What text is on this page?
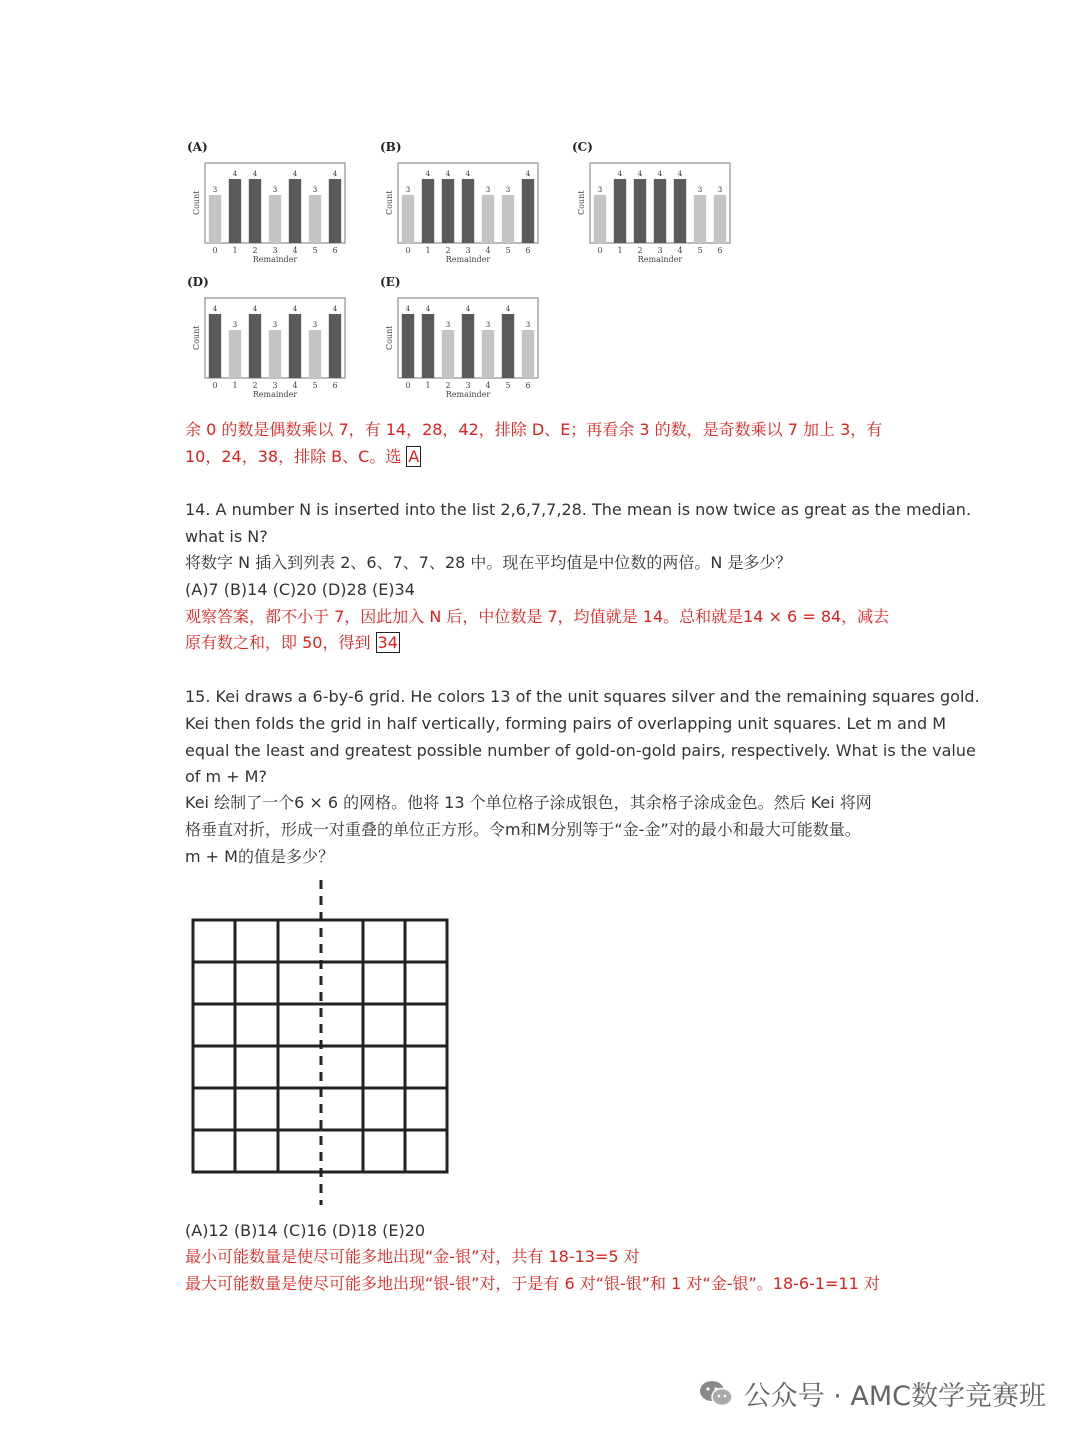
(A)
Count
3
0
4
1
4
2
3
3
4
4
3
5
4
6
Remainder
(B)
Count
3
0
4
1
4
2
4
3
3
4
3
5
4
6
Remainder
(C)
Count
3
0
4
1
4
2
4
3
4
4
3
5
3
6
Remainder
(D)
Count
4
0
3
1
4
2
3
3
4
4
3
5
4
6
Remainder
(E)
Count
4
0
4
1
3
2
4
3
3
4
4
5
3
6
Remainder
余 0 的数是偶数乘以 7，有 14，28，42，排除 D、E；再看余 3 的数，是奇数乘以 7 加上 3，有
10，24，38，排除 B、C。选 A
14. A number N is inserted into the list 2,6,7,7,28. The mean is now twice as great as the median.
what is N?
将数字 N 插入到列表 2、6、7、7、28 中。现在平均值是中位数的两倍。N 是多少？
(A)7 (B)14 (C)20 (D)28 (E)34
观察答案，都不小于 7，因此加入 N 后，中位数是 7，均值就是 14。总和就是14 × 6 = 84，减去
原有数之和，即 50，得到 34
15. Kei draws a 6-by-6 grid. He colors 13 of the unit squares silver and the remaining squares gold.
Kei then folds the grid in half vertically, forming pairs of overlapping unit squares. Let m and M
equal the least and greatest possible number of gold-on-gold pairs, respectively. What is the value
of m + M?
Kei 绘制了一个6 × 6 的网格。他将 13 个单位格子涂成银色，其余格子涂成金色。然后 Kei 将网
格垂直对折，形成一对重叠的单位正方形。令m和M分别等于“金-金”对的最小和最大可能数量。
m + M的值是多少？
(A)12 (B)14 (C)16 (D)18 (E)20
最小可能数量是使尽可能多地出现“金-银”对，共有 18-13=5 对
最大可能数量是使尽可能多地出现“银-银”对，于是有 6 对“银-银”和 1 对“金-银”。18-6-1=11 对
公众号 · AMC数学竞赛班
